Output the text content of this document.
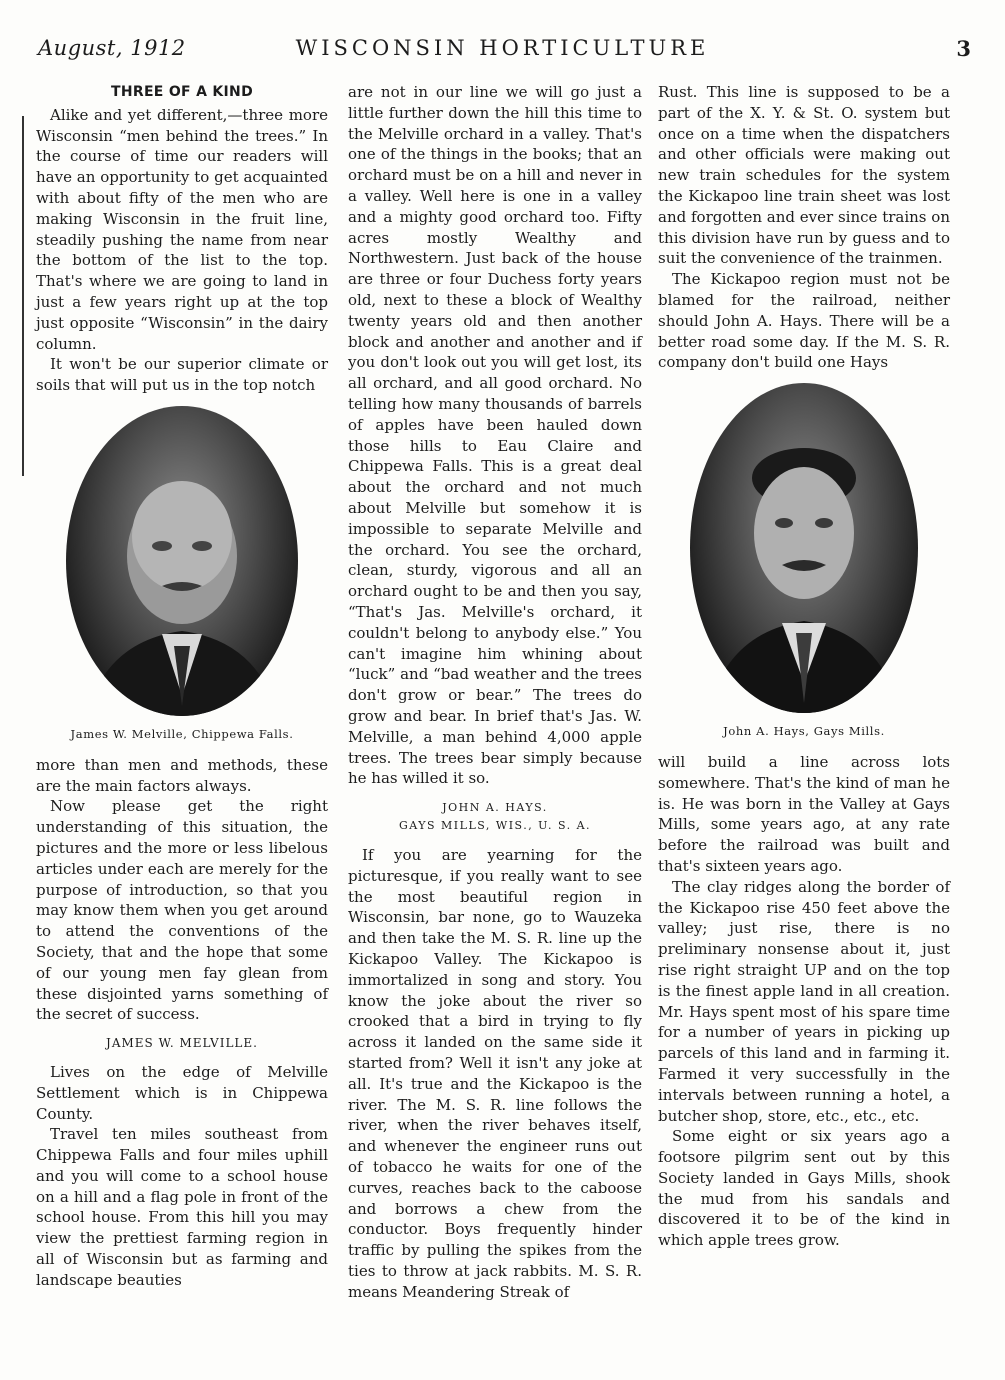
August, 1912	WISCONSIN HORTICULTURE	3
THREE OF A KIND

Alike and yet different,—three more Wisconsin “men behind the trees.” In the course of time our readers will have an opportunity to get acquainted with about fifty of the men who are making Wisconsin in the fruit line, steadily pushing the name from near the bottom of the list to the top. That's where we are going to land in just a few years right up at the top just opposite “Wisconsin” in the dairy column.

It won't be our superior climate or soils that will put us in the top notch

James W. Melville, Chippewa Falls.

more than men and methods, these are the main factors always.

Now please get the right understanding of this situation, the pictures and the more or less libelous articles under each are merely for the purpose of introduction, so that you may know them when you get around to attend the conventions of the Society, that and the hope that some of our young men fay glean from these disjointed yarns something of the secret of success.

JAMES W. MELVILLE.

Lives on the edge of Melville Settlement which is in Chippewa County.

Travel ten miles southeast from Chippewa Falls and four miles uphill and you will come to a school house on a hill and a flag pole in front of the school house. From this hill you may view the prettiest farming region in all of Wisconsin but as farming and landscape beauties

are not in our line we will go just a little further down the hill this time to the Melville orchard in a valley. That's one of the things in the books; that an orchard must be on a hill and never in a valley. Well here is one in a valley and a mighty good orchard too. Fifty acres mostly Wealthy and Northwestern. Just back of the house are three or four Duchess forty years old, next to these a block of Wealthy twenty years old and then another block and another and another and if you don't look out you will get lost, its all orchard, and all good orchard. No telling how many thousands of barrels of apples have been hauled down those hills to Eau Claire and Chippewa Falls. This is a great deal about the orchard and not much about Melville but somehow it is impossible to separate Melville and the orchard. You see the orchard, clean, sturdy, vigorous and all an orchard ought to be and then you say, “That's Jas. Melville's orchard, it couldn't belong to anybody else.” You can't imagine him whining about “luck” and “bad weather and the trees don't grow or bear.” The trees do grow and bear. In brief that's Jas. W. Melville, a man behind 4,000 apple trees. The trees bear simply because he has willed it so.

JOHN A. HAYS.
GAYS MILLS, WIS., U. S. A.

If you are yearning for the picturesque, if you really want to see the most beautiful region in Wisconsin, bar none, go to Wauzeka and then take the M. S. R. line up the Kickapoo Valley. The Kickapoo is immortalized in song and story. You know the joke about the river so crooked that a bird in trying to fly across it landed on the same side it started from? Well it isn't any joke at all. It's true and the Kickapoo is the river. The M. S. R. line follows the river, when the river behaves itself, and whenever the engineer runs out of tobacco he waits for one of the curves, reaches back to the caboose and borrows a chew from the conductor. Boys frequently hinder traffic by pulling the spikes from the ties to throw at jack rabbits. M. S. R. means Meandering Streak of

Rust. This line is supposed to be a part of the X. Y. & St. O. system but once on a time when the dispatchers and other officials were making out new train schedules for the system the Kickapoo line train sheet was lost and forgotten and ever since trains on this division have run by guess and to suit the convenience of the trainmen.

The Kickapoo region must not be blamed for the railroad, neither should John A. Hays. There will be a better road some day. If the M. S. R. company don't build one Hays

John A. Hays, Gays Mills.

will build a line across lots somewhere. That's the kind of man he is. He was born in the Valley at Gays Mills, some years ago, at any rate before the railroad was built and that's sixteen years ago.

The clay ridges along the border of the Kickapoo rise 450 feet above the valley; just rise, there is no preliminary nonsense about it, just rise right straight UP and on the top is the finest apple land in all creation. Mr. Hays spent most of his spare time for a number of years in picking up parcels of this land and in farming it. Farmed it very successfully in the intervals between running a hotel, a butcher shop, store, etc., etc., etc.

Some eight or six years ago a footsore pilgrim sent out by this Society landed in Gays Mills, shook the mud from his sandals and discovered it to be of the kind in which apple trees grow.
